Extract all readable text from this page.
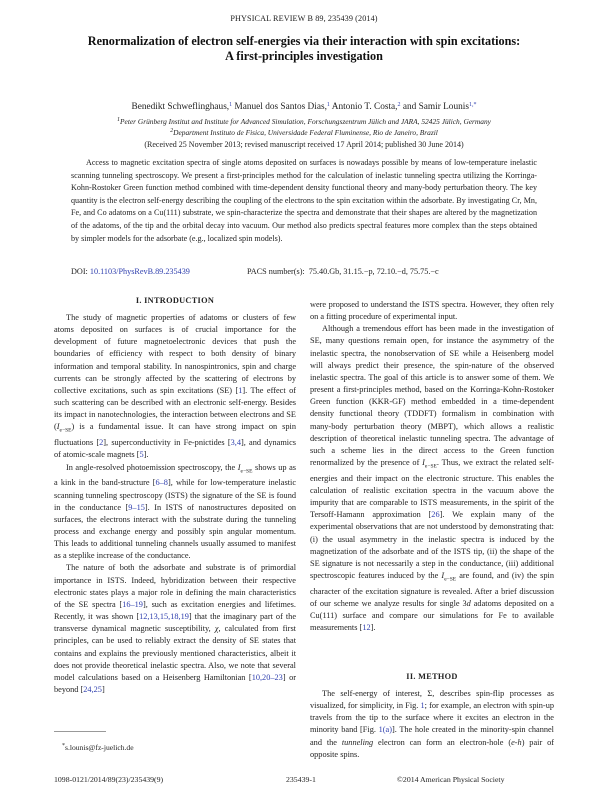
PHYSICAL REVIEW B 89, 235439 (2014)
Renormalization of electron self-energies via their interaction with spin excitations:
A first-principles investigation
Benedikt Schweflinghaus,$^1$ Manuel dos Santos Dias,$^1$ Antonio T. Costa,$^2$ and Samir Lounis$^{1,*}$
$^1$Peter Grünberg Institut and Institute for Advanced Simulation, Forschungszentrum Jülich and JARA, 52425 Jülich, Germany
$^2$Department Instituto de Fisica, Universidade Federal Fluminense, Rio de Janeiro, Brazil
(Received 25 November 2013; revised manuscript received 17 April 2014; published 30 June 2014)
Access to magnetic excitation spectra of single atoms deposited on surfaces is nowadays possible by means of low-temperature inelastic scanning tunneling spectroscopy. We present a first-principles method for the calculation of inelastic tunneling spectra utilizing the Korringa-Kohn-Rostoker Green function method combined with time-dependent density functional theory and many-body perturbation theory. The key quantity is the electron self-energy describing the coupling of the electrons to the spin excitation within the adsorbate. By investigating Cr, Mn, Fe, and Co adatoms on a Cu(111) substrate, we spin-characterize the spectra and demonstrate that their shapes are altered by the magnetization of the adatoms, of the tip and the orbital decay into vacuum. Our method also predicts spectral features more complex than the steps obtained by simpler models for the adsorbate (e.g., localized spin models).
DOI: 10.1103/PhysRevB.89.235439	PACS number(s): 75.40.Gb, 31.15.−p, 72.10.−d, 75.75.−c
I. INTRODUCTION

The study of magnetic properties of adatoms or clusters of few atoms deposited on surfaces is of crucial importance for the development of future magnetoelectronic devices that push the boundaries of efficiency with respect to both density of binary information and temporal stability. In nanospintronics, spin and charge currents can be strongly affected by the scattering of electrons by collective excitations, such as spin excitations (SE) [1]. The effect of such scattering can be described with an electronic self-energy. Besides its impact in nanotechnologies, the interaction between electrons and SE $(I_{e-SE})$ is a fundamental issue. It can have strong impact on spin fluctuations [2], superconductivity in Fe-pnictides [3,4], and dynamics of atomic-scale magnets [5].

In angle-resolved photoemission spectroscopy, the $I_{e-SE}$ shows up as a kink in the band-structure [6–8], while for low-temperature inelastic scanning tunneling spectroscopy (ISTS) the signature of the SE is found in the conductance [9–15]. In ISTS of nanostructures deposited on surfaces, the electrons interact with the substrate during the tunneling process and exchange energy and possibly spin angular momentum. This leads to additional tunneling channels usually assumed to manifest as a steplike increase of the conductance.

The nature of both the adsorbate and substrate is of primordial importance in ISTS. Indeed, hybridization between their respective electronic states plays a major role in defining the main characteristics of the SE spectra [16–19], such as excitation energies and lifetimes. Recently, it was shown [12,13,15,18,19] that the imaginary part of the transverse dynamical magnetic susceptibility, χ, calculated from first principles, can be used to reliably extract the density of SE states that contains and explains the previously mentioned characteristics, albeit it does not provide theoretical inelastic spectra. Also, we note that several model calculations based on a Heisenberg Hamiltonian [10,20–23] or beyond [24,25]

were proposed to understand the ISTS spectra. However, they often rely on a fitting procedure of experimental input.

Although a tremendous effort has been made in the investigation of SE, many questions remain open, for instance the asymmetry of the inelastic spectra, the nonobservation of SE while a Heisenberg model will always predict their presence, the spin-nature of the observed inelastic spectra. The goal of this article is to answer some of them. We present a first-principles method, based on the Korringa-Kohn-Rostoker Green function (KKR-GF) method embedded in a time-dependent density functional theory (TDDFT) formalism in combination with many-body perturbation theory (MBPT), which allows a realistic description of theoretical inelastic tunneling spectra. The advantage of such a scheme lies in the direct access to the Green function renormalized by the presence of $I_{e-SE}$. Thus, we extract the related self-energies and their impact on the electronic structure. This enables the calculation of realistic excitation spectra in the vacuum above the impurity that are comparable to ISTS measurements, in the spirit of the Tersoff-Hamann approximation [26]. We explain many of the experimental observations that are not understood by demonstrating that: (i) the usual asymmetry in the inelastic spectra is induced by the magnetization of the adsorbate and of the ISTS tip, (ii) the shape of the SE signature is not necessarily a step in the conductance, (iii) additional spectroscopic features induced by the $I_{e-SE}$ are found, and (iv) the spin character of the excitation signature is revealed. After a brief discussion of our scheme we analyze results for single 3d adatoms deposited on a Cu(111) surface and compare our simulations for Fe to available measurements [12].

II. METHOD

The self-energy of interest, Σ, describes spin-flip processes as visualized, for simplicity, in Fig. 1; for example, an electron with spin-up travels from the tip to the surface where it excites an electron in the minority band [Fig. 1(a)]. The hole created in the minority-spin channel and the tunneling electron can form an electron-hole (e-h) pair of opposite spins.

*s.lounis@fz-juelich.de
1098-0121/2014/89(23)/235439(9)	235439-1	©2014 American Physical Society
